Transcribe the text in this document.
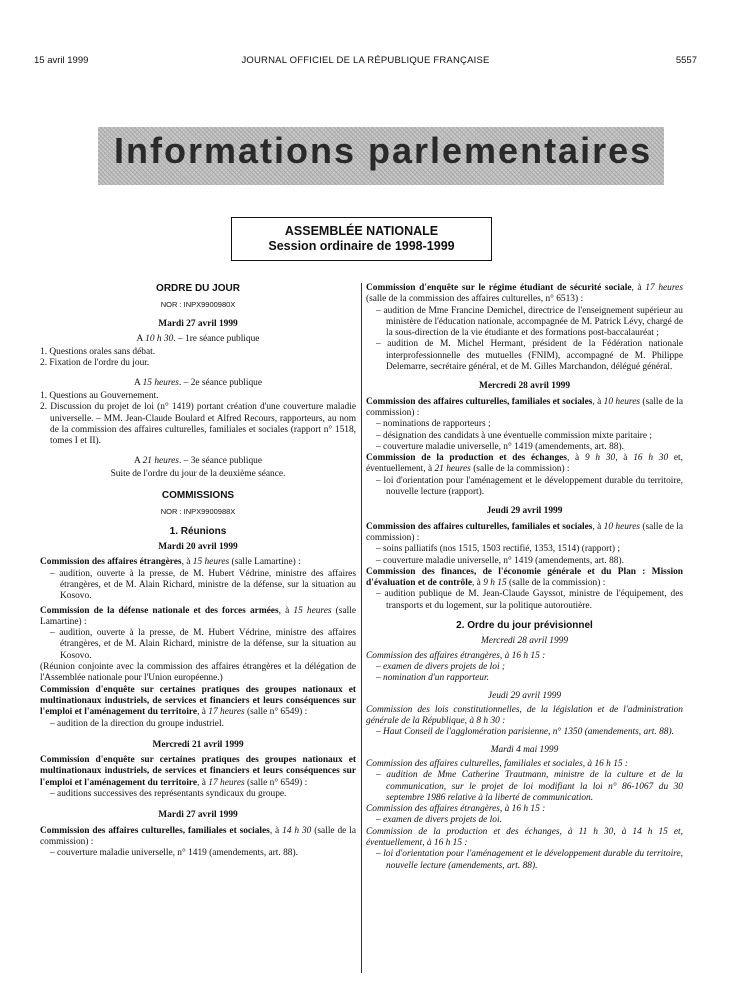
15 avril 1999	JOURNAL OFFICIEL DE LA RÉPUBLIQUE FRANÇAISE	5557
Informations parlementaires
ASSEMBLÉE NATIONALE
Session ordinaire de 1998-1999
ORDRE DU JOUR
NOR : INPX9900980X
Mardi 27 avril 1999
A 10 h 30. – 1re séance publique

1. Questions orales sans débat.

2. Fixation de l'ordre du jour.

A 15 heures. – 2e séance publique

1. Questions au Gouvernement.

2. Discussion du projet de loi (n° 1419) portant création d'une couverture maladie universelle. – MM. Jean-Claude Boulard et Alfred Recours, rapporteurs, au nom de la commission des affaires culturelles, familiales et sociales (rapport n° 1518, tomes I et II).

A 21 heures. – 3e séance publique

Suite de l'ordre du jour de la deuxième séance.

COMMISSIONS
NOR : INPX9900988X
1. Réunions
Mardi 20 avril 1999

Commission des affaires étrangères, à 15 heures (salle Lamartine) :

– audition, ouverte à la presse, de M. Hubert Védrine, ministre des affaires étrangères, et de M. Alain Richard, ministre de la défense, sur la situation au Kosovo.

Commission de la défense nationale et des forces armées, à 15 heures (salle Lamartine) :

– audition, ouverte à la presse, de M. Hubert Védrine, ministre des affaires étrangères, et de M. Alain Richard, ministre de la défense, sur la situation au Kosovo.

(Réunion conjointe avec la commission des affaires étrangères et la délégation de l'Assemblée nationale pour l'Union européenne.)

Commission d'enquête sur certaines pratiques des groupes nationaux et multinationaux industriels, de services et financiers et leurs conséquences sur l'emploi et l'aménagement du territoire, à 17 heures (salle n° 6549) :

– audition de la direction du groupe industriel.

Mercredi 21 avril 1999

Commission d'enquête sur certaines pratiques des groupes nationaux et multinationaux industriels, de services et financiers et leurs conséquences sur l'emploi et l'aménagement du territoire, à 17 heures (salle n° 6549) :

– auditions successives des représentants syndicaux du groupe.

Mardi 27 avril 1999

Commission des affaires culturelles, familiales et sociales, à 14 h 30 (salle de la commission) :

– couverture maladie universelle, n° 1419 (amendements, art. 88).

Commission d'enquête sur le régime étudiant de sécurité sociale, à 17 heures (salle de la commission des affaires culturelles, n° 6513) :

– audition de Mme Francine Demichel, directrice de l'enseignement supérieur au ministère de l'éducation nationale, accompagnée de M. Patrick Lévy, chargé de la sous-direction de la vie étudiante et des formations post-baccalauréat ;

– audition de M. Michel Hermant, président de la Fédération nationale interprofessionnelle des mutuelles (FNIM), accompagné de M. Philippe Delemarre, secrétaire général, et de M. Gilles Marchandon, délégué général.

Mercredi 28 avril 1999

Commission des affaires culturelles, familiales et sociales, à 10 heures (salle de la commission) :

– nominations de rapporteurs ;

– désignation des candidats à une éventuelle commission mixte paritaire ;

– couverture maladie universelle, n° 1419 (amendements, art. 88).

Commission de la production et des échanges, à 9 h 30, à 16 h 30 et, éventuellement, à 21 heures (salle de la commission) :

– loi d'orientation pour l'aménagement et le développement durable du territoire, nouvelle lecture (rapport).

Jeudi 29 avril 1999

Commission des affaires culturelles, familiales et sociales, à 10 heures (salle de la commission) :

– soins palliatifs (nos 1515, 1503 rectifié, 1353, 1514) (rapport) ;

– couverture maladie universelle, n° 1419 (amendements, art. 88).

Commission des finances, de l'économie générale et du Plan : Mission d'évaluation et de contrôle, à 9 h 15 (salle de la commission) :

– audition publique de M. Jean-Claude Gayssot, ministre de l'équipement, des transports et du logement, sur la politique autoroutière.

2. Ordre du jour prévisionnel
Mercredi 28 avril 1999

Commission des affaires étrangères, à 16 h 15 :

– examen de divers projets de loi ;

– nomination d'un rapporteur.

Jeudi 29 avril 1999

Commission des lois constitutionnelles, de la législation et de l'administration générale de la République, à 8 h 30 :

– Haut Conseil de l'agglomération parisienne, n° 1350 (amendements, art. 88).

Mardi 4 mai 1999

Commission des affaires culturelles, familiales et sociales, à 16 h 15 :

– audition de Mme Catherine Trautmann, ministre de la culture et de la communication, sur le projet de loi modifiant la loi n° 86-1067 du 30 septembre 1986 relative à la liberté de communication.

Commission des affaires étrangères, à 16 h 15 :

– examen de divers projets de loi.

Commission de la production et des échanges, à 11 h 30, à 14 h 15 et, éventuellement, à 16 h 15 :

– loi d'orientation pour l'aménagement et le développement durable du territoire, nouvelle lecture (amendements, art. 88).
